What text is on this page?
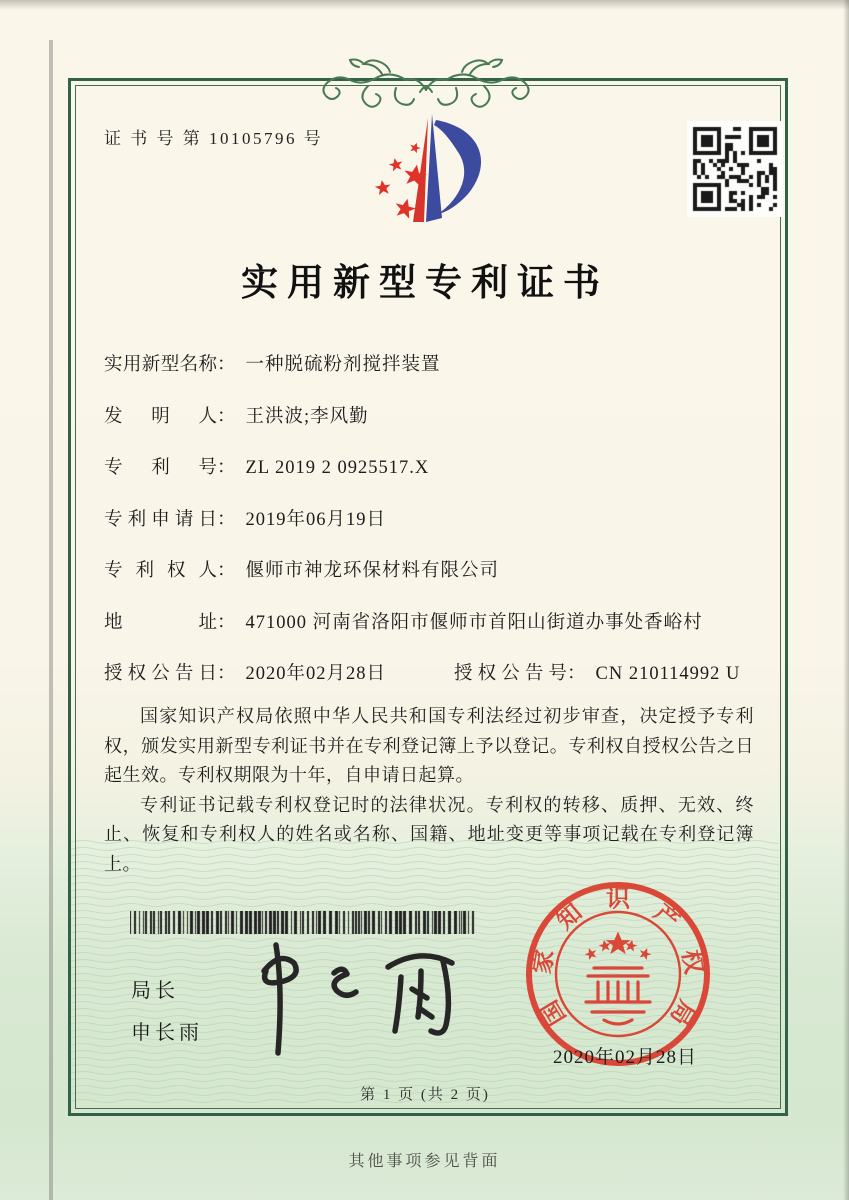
证 书 号 第 10105796 号
实用新型专利证书
实用新型名称： 一种脱硫粉剂搅拌装置
发明人： 王洪波;李风勤
专利号： ZL 2019 2 0925517.X
专利申请日： 2019年06月19日
专利权人： 偃师市神龙环保材料有限公司
地址： 471000 河南省洛阳市偃师市首阳山街道办事处香峪村
授权公告日： 2020年02月28日	授权公告号： CN 210114992 U

国家知识产权局依照中华人民共和国专利法经过初步审查，决定授予专利权，颁发实用新型专利证书并在专利登记簿上予以登记。专利权自授权公告之日起生效。专利权期限为十年，自申请日起算。

专利证书记载专利权登记时的法律状况。专利权的转移、质押、无效、终止、恢复和专利权人的姓名或名称、国籍、地址变更等事项记载在专利登记簿上。

局长
申长雨
国
家
知
识
产
权
局
2020年02月28日
第 1 页 (共 2 页)
其他事项参见背面
